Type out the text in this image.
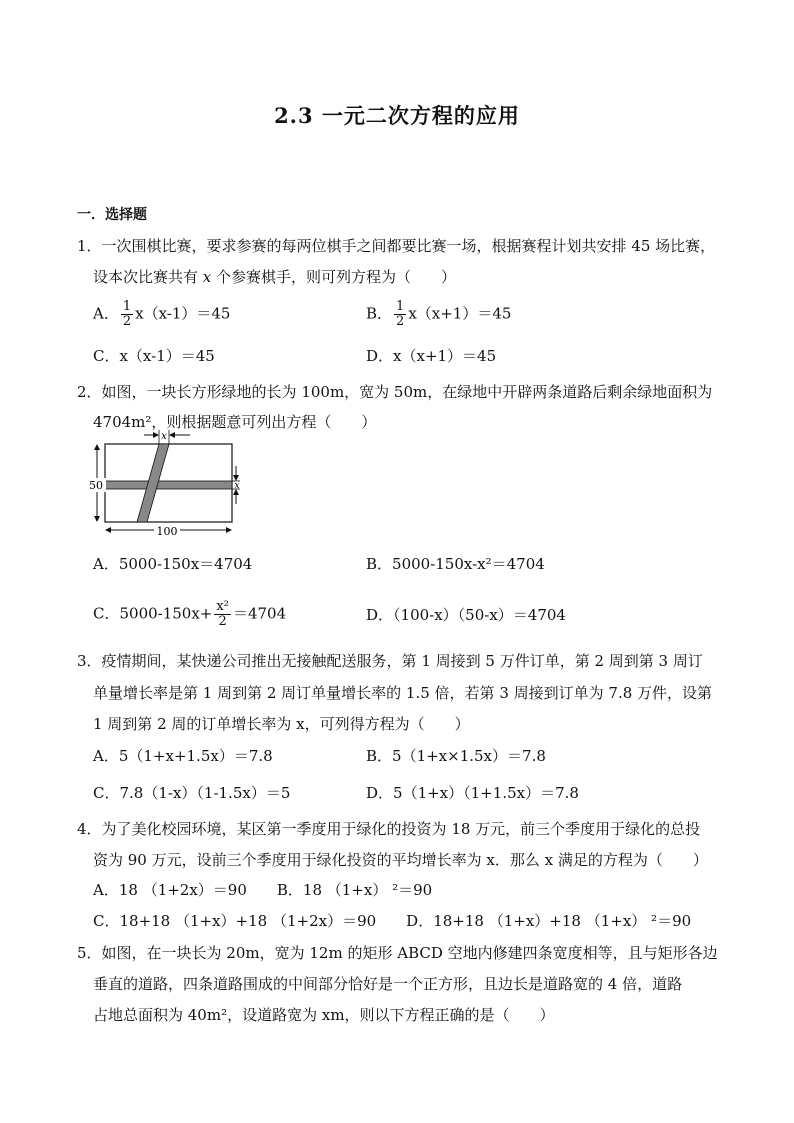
2.3 一元二次方程的应用
一．选择题
1．一次围棋比赛，要求参赛的每两位棋手之间都要比赛一场，根据赛程计划共安排 45 场比赛，
设本次比赛共有 x 个参赛棋手，则可列方程为（　　）
A． $\frac{1}{2} x(x-1)=45$	B． $\frac{1}{2} x(x+1)=45$
C．x（x-1）＝45	D．x（x+1）＝45
2．如图，一块长方形绿地的长为 100m，宽为 50m，在绿地中开辟两条道路后剩余绿地面积为
4704m²，则根据题意可列出方程（　　）
50
100
x
x
A．5000-150x＝4704	B．5000-150x-x²＝4704
C．$5000-150x+ \frac{\text{x²}}{2} =4704$	D．（100-x）（50-x）＝4704
3．疫情期间，某快递公司推出无接触配送服务，第 1 周接到 5 万件订单，第 2 周到第 3 周订
单量增长率是第 1 周到第 2 周订单量增长率的 1.5 倍，若第 3 周接到订单为 7.8 万件，设第
1 周到第 2 周的订单增长率为 x，可列得方程为（　　）
A．5（1+x+1.5x）＝7.8	B．5（1+x×1.5x）＝7.8
C．7.8（1-x）（1-1.5x）＝5	D．5（1+x）（1+1.5x）＝7.8
4．为了美化校园环境，某区第一季度用于绿化的投资为 18 万元，前三个季度用于绿化的总投
资为 90 万元，设前三个季度用于绿化投资的平均增长率为 x．那么 x 满足的方程为（　　）
A．18 （1+2x）＝90　　B．18 （1+x） ²＝90
C．18+18 （1+x）+18 （1+2x）＝90　　D．18+18 （1+x）+18 （1+x） ²＝90
5．如图，在一块长为 20m，宽为 12m 的矩形 ABCD 空地内修建四条宽度相等，且与矩形各边
垂直的道路，四条道路围成的中间部分恰好是一个正方形，且边长是道路宽的 4 倍，道路
占地总面积为 40m²，设道路宽为 xm，则以下方程正确的是（　　）
